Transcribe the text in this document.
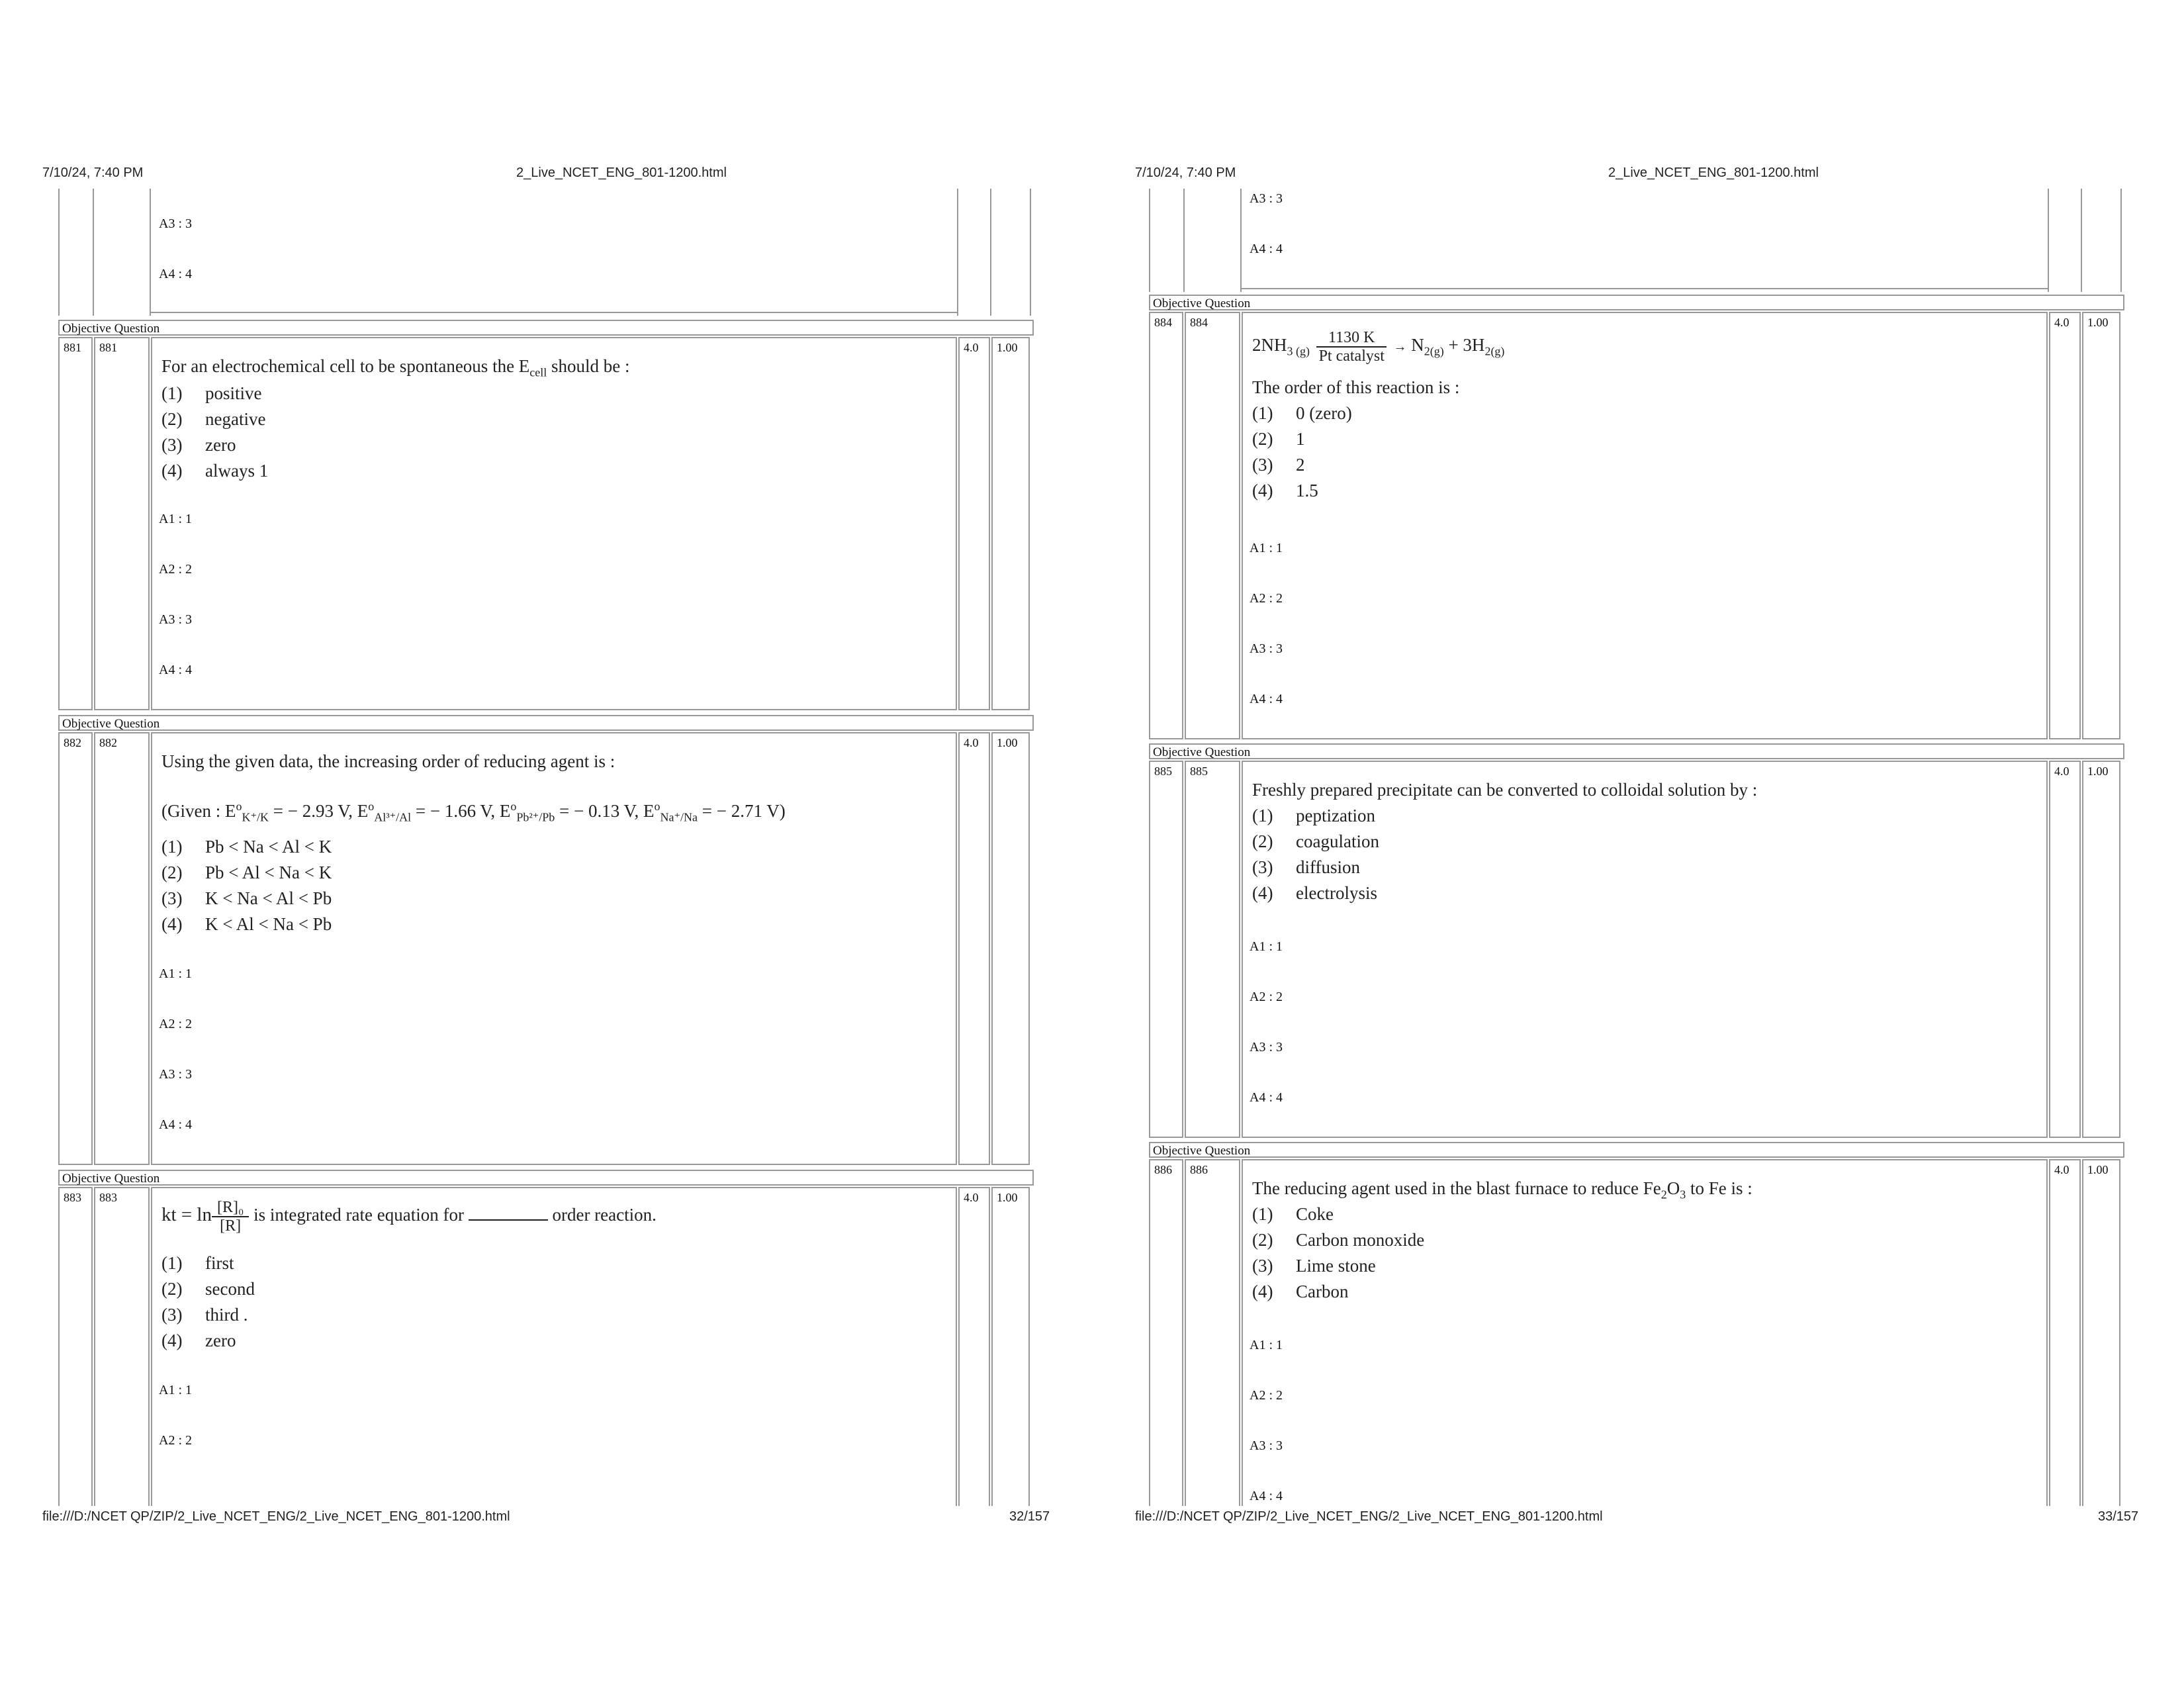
7/10/24, 7:40 PM	2_Live_NCET_ENG_801-1200.html
A3 : 3
A4 : 4
Objective Question
881 881	4.0 1.00
For an electrochemical cell to be spontaneous the $E_{cell}$ should be :
(1) positive
(2) negative
(3) zero
(4) always 1
A1 : 1
A2 : 2
A3 : 3
A4 : 4
Objective Question
882 882	4.0 1.00
Using the given data, the increasing order of reducing agent is :
(Given : $E^o_{K^+/K}$ = − 2.93 V, $E^o_{Al^{3+}/Al}$ = − 1.66 V, $E^o_{Pb^{2+}/Pb}$ = − 0.13 V, $E^o_{Na^+/Na}$ = − 2.71 V)
(1) Pb < Na < Al < K
(2) Pb < Al < Na < K
(3) K < Na < Al < Pb
(4) K < Al < Na < Pb
A1 : 1
A2 : 2
A3 : 3
A4 : 4
Objective Question
883 883	4.0 1.00
kt = $\ln \frac{\text{[R]₀}}{[R]}$ is integrated rate equation for	order reaction.
(1) first
(2) second
(3) third .
(4) zero
A1 : 1
A2 : 2
file:///D:/NCET QP/ZIP/2_Live_NCET_ENG/2_Live_NCET_ENG_801-1200.html	32/157
7/10/24, 7:40 PM	2_Live_NCET_ENG_801-1200.html
A3 : 3
A4 : 4
Objective Question
884 884	4.0 1.00
$2NH_{3 (g)} \frac{1130 K}{\text{Pt catalyst}} \to N_{2(g)} + 3H_{2(g)}$
The order of this reaction is :
(1) 0 (zero)
(2) 1
(3) 2
(4) 1.5
A1 : 1
A2 : 2
A3 : 3
A4 : 4
Objective Question
885 885	4.0 1.00
Freshly prepared precipitate can be converted to colloidal solution by :
(1) peptization
(2) coagulation
(3) diffusion
(4) electrolysis
A1 : 1
A2 : 2
A3 : 3
A4 : 4
Objective Question
886 886	4.0 1.00
The reducing agent used in the blast furnace to reduce $Fe_2O_3$ to Fe is :
(1) Coke
(2) Carbon monoxide
(3) Lime stone
(4) Carbon
A1 : 1
A2 : 2
A3 : 3
A4 : 4
file:///D:/NCET QP/ZIP/2_Live_NCET_ENG/2_Live_NCET_ENG_801-1200.html	33/157
